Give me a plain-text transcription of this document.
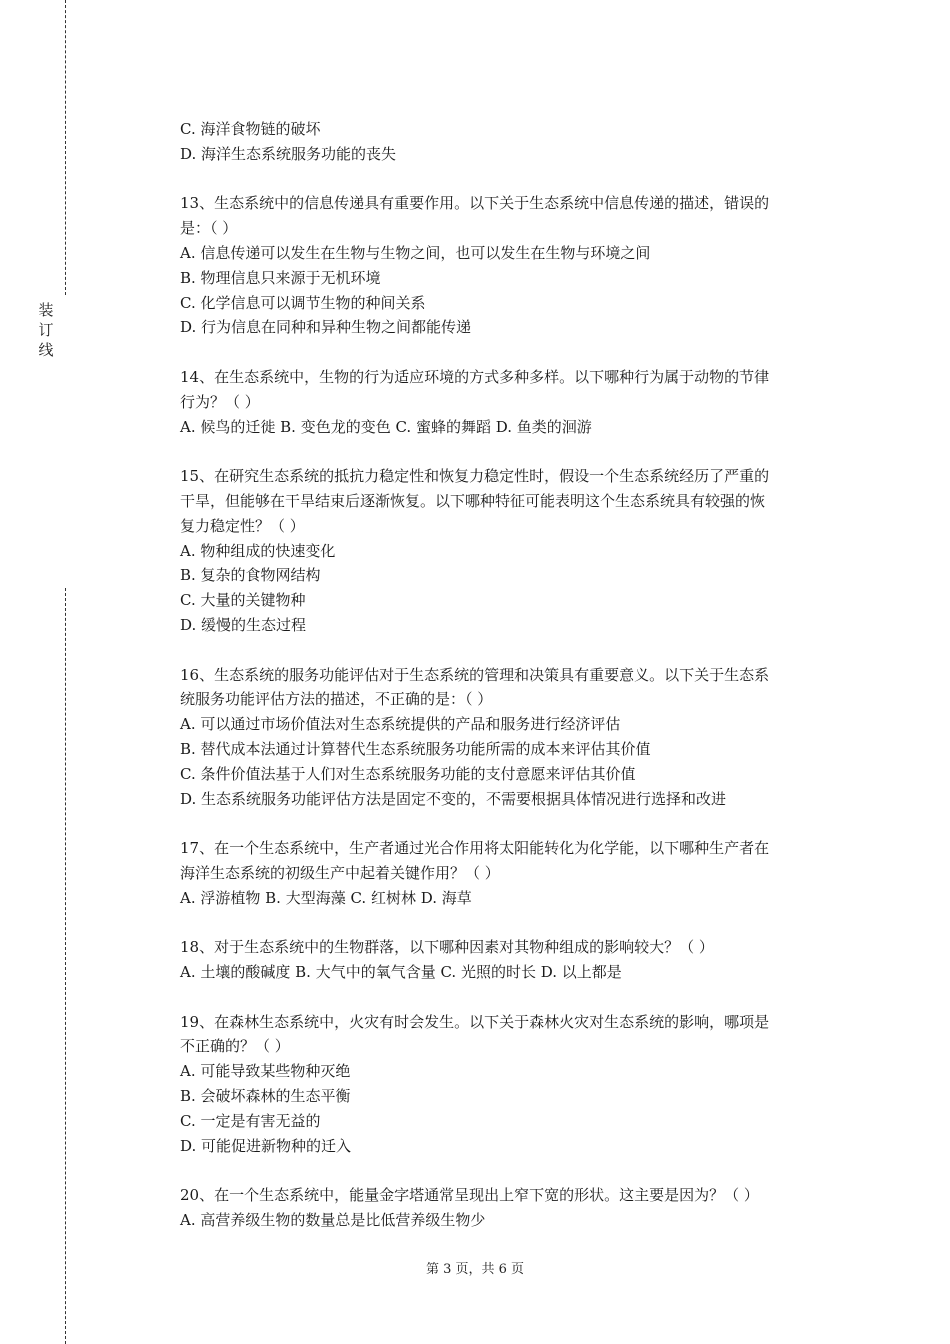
装
订
线
C. 海洋食物链的破坏
D. 海洋生态系统服务功能的丧失
13、生态系统中的信息传递具有重要作用。以下关于生态系统中信息传递的描述，错误的
是：（ ）
A. 信息传递可以发生在生物与生物之间，也可以发生在生物与环境之间
B. 物理信息只来源于无机环境
C. 化学信息可以调节生物的种间关系
D. 行为信息在同种和异种生物之间都能传递
14、在生态系统中，生物的行为适应环境的方式多种多样。以下哪种行为属于动物的节律
行为？（ ）
A. 候鸟的迁徙 B. 变色龙的变色 C. 蜜蜂的舞蹈 D. 鱼类的洄游
15、在研究生态系统的抵抗力稳定性和恢复力稳定性时，假设一个生态系统经历了严重的
干旱，但能够在干旱结束后逐渐恢复。以下哪种特征可能表明这个生态系统具有较强的恢
复力稳定性？（ ）
A. 物种组成的快速变化
B. 复杂的食物网结构
C. 大量的关键物种
D. 缓慢的生态过程
16、生态系统的服务功能评估对于生态系统的管理和决策具有重要意义。以下关于生态系
统服务功能评估方法的描述，不正确的是：（ ）
A. 可以通过市场价值法对生态系统提供的产品和服务进行经济评估
B. 替代成本法通过计算替代生态系统服务功能所需的成本来评估其价值
C. 条件价值法基于人们对生态系统服务功能的支付意愿来评估其价值
D. 生态系统服务功能评估方法是固定不变的，不需要根据具体情况进行选择和改进
17、在一个生态系统中，生产者通过光合作用将太阳能转化为化学能，以下哪种生产者在
海洋生态系统的初级生产中起着关键作用？（ ）
A. 浮游植物 B. 大型海藻 C. 红树林 D. 海草
18、对于生态系统中的生物群落，以下哪种因素对其物种组成的影响较大？（ ）
A. 土壤的酸碱度 B. 大气中的氧气含量 C. 光照的时长 D. 以上都是
19、在森林生态系统中，火灾有时会发生。以下关于森林火灾对生态系统的影响，哪项是
不正确的？（ ）
A. 可能导致某些物种灭绝
B. 会破坏森林的生态平衡
C. 一定是有害无益的
D. 可能促进新物种的迁入
20、在一个生态系统中，能量金字塔通常呈现出上窄下宽的形状。这主要是因为？（ ）
A. 高营养级生物的数量总是比低营养级生物少
第 3 页，共 6 页
